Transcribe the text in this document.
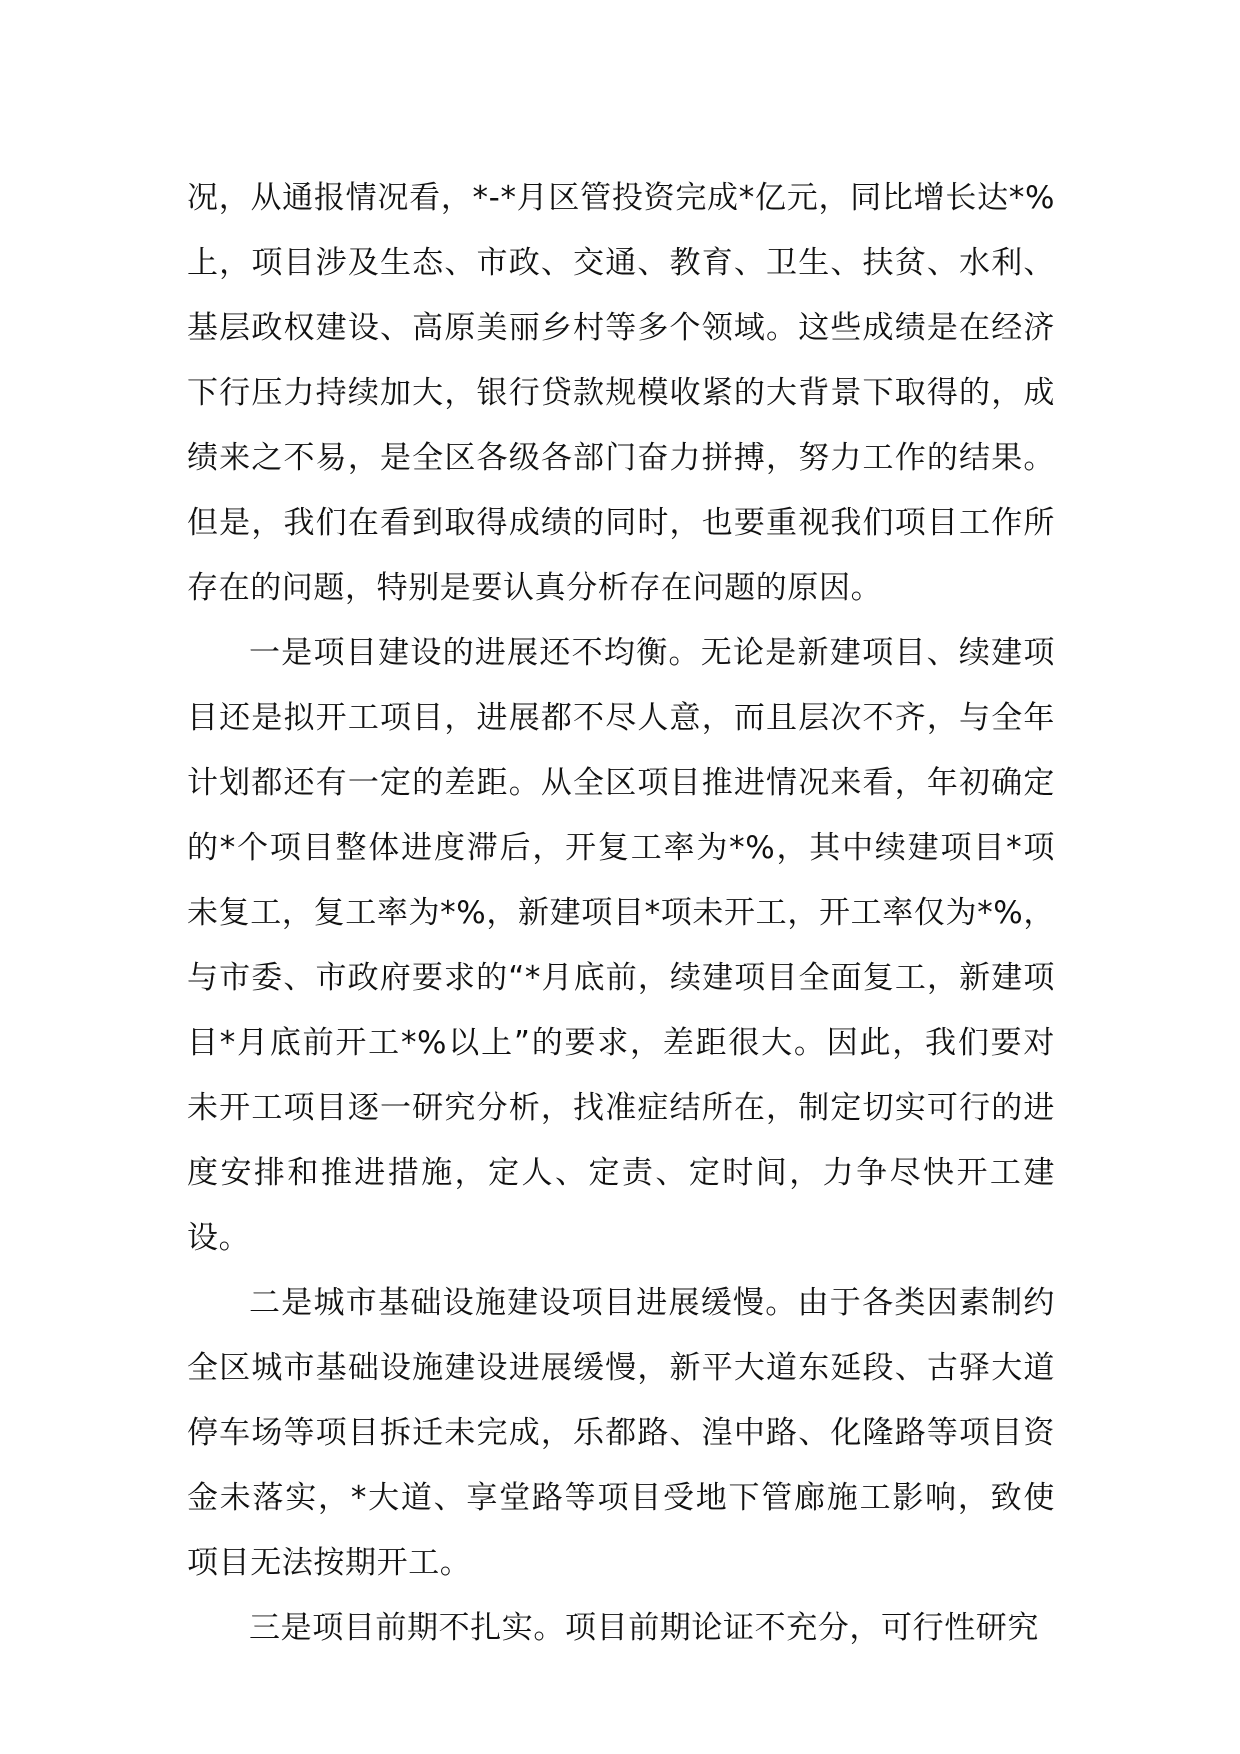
况，从通报情况看，*-*月区管投资完成*亿元，同比增长达*%上，项目涉及生态、市政、交通、教育、卫生、扶贫、水利、基层政权建设、高原美丽乡村等多个领域。这些成绩是在经济下行压力持续加大，银行贷款规模收紧的大背景下取得的，成绩来之不易，是全区各级各部门奋力拼搏，努力工作的结果。但是，我们在看到取得成绩的同时，也要重视我们项目工作所存在的问题，特别是要认真分析存在问题的原因。

一是项目建设的进展还不均衡。无论是新建项目、续建项目还是拟开工项目，进展都不尽人意，而且层次不齐，与全年计划都还有一定的差距。从全区项目推进情况来看，年初确定的*个项目整体进度滞后，开复工率为*%，其中续建项目*项未复工，复工率为*%，新建项目*项未开工，开工率仅为*%，与市委、市政府要求的“*月底前，续建项目全面复工，新建项目*月底前开工*%以上”的要求，差距很大。因此，我们要对未开工项目逐一研究分析，找准症结所在，制定切实可行的进度安排和推进措施，定人、定责、定时间，力争尽快开工建设。

二是城市基础设施建设项目进展缓慢。由于各类因素制约全区城市基础设施建设进展缓慢，新平大道东延段、古驿大道停车场等项目拆迁未完成，乐都路、湟中路、化隆路等项目资金未落实，*大道、享堂路等项目受地下管廊施工影响，致使项目无法按期开工。

三是项目前期不扎实。项目前期论证不充分，可行性研究
